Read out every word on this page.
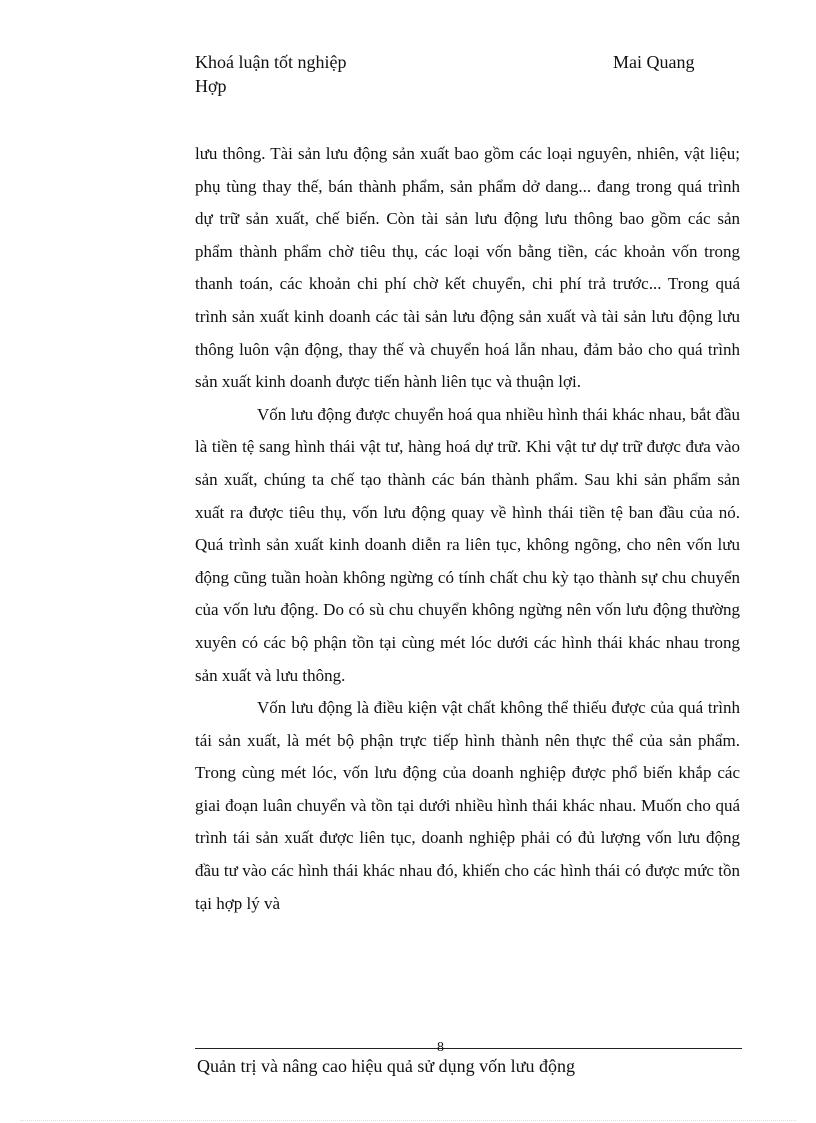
Khoá luận tốt nghiệp
Hợp
Mai Quang

lưu thông. Tài sản lưu động sản xuất bao gồm các loại nguyên, nhiên, vật liệu; phụ tùng thay thế, bán thành phẩm, sản phẩm dở dang... đang trong quá trình dự trữ sản xuất, chế biến. Còn tài sản lưu động lưu thông bao gồm các sản phẩm thành phẩm chờ tiêu thụ, các loại vốn bằng tiền, các khoản vốn trong thanh toán, các khoản chi phí chờ kết chuyển, chi phí trả trước... Trong quá trình sản xuất kinh doanh các tài sản lưu động sản xuất và tài sản lưu động lưu thông luôn vận động, thay thế và chuyển hoá lẫn nhau, đảm bảo cho quá trình sản xuất kinh doanh được tiến hành liên tục và thuận lợi.

Vốn lưu động được chuyển hoá qua nhiều hình thái khác nhau, bắt đầu là tiền tệ sang hình thái vật tư, hàng hoá dự trữ. Khi vật tư dự trữ được đưa vào sản xuất, chúng ta chế tạo thành các bán thành phẩm. Sau khi sản phẩm sản xuất ra được tiêu thụ, vốn lưu động quay về hình thái tiền tệ ban đầu của nó. Quá trình sản xuất kinh doanh diễn ra liên tục, không ngõng, cho nên vốn lưu động cũng tuần hoàn không ngừng có tính chất chu kỳ tạo thành sự chu chuyển của vốn lưu động. Do có sù chu chuyển không ngừng nên vốn lưu động thường xuyên có các bộ phận tồn tại cùng mét lóc dưới các hình thái khác nhau trong sản xuất và lưu thông.

Vốn lưu động là điều kiện vật chất không thể thiếu được của quá trình tái sản xuất, là mét bộ phận trực tiếp hình thành nên thực thể của sản phẩm. Trong cùng mét lóc, vốn lưu động của doanh nghiệp được phổ biến khắp các giai đoạn luân chuyển và tồn tại dưới nhiều hình thái khác nhau. Muốn cho quá trình tái sản xuất được liên tục, doanh nghiệp phải có đủ lượng vốn lưu động đầu tư vào các hình thái khác nhau đó, khiến cho các hình thái có được mức tồn tại hợp lý và

8
Quản trị và nâng cao hiệu quả sử dụng vốn lưu động
